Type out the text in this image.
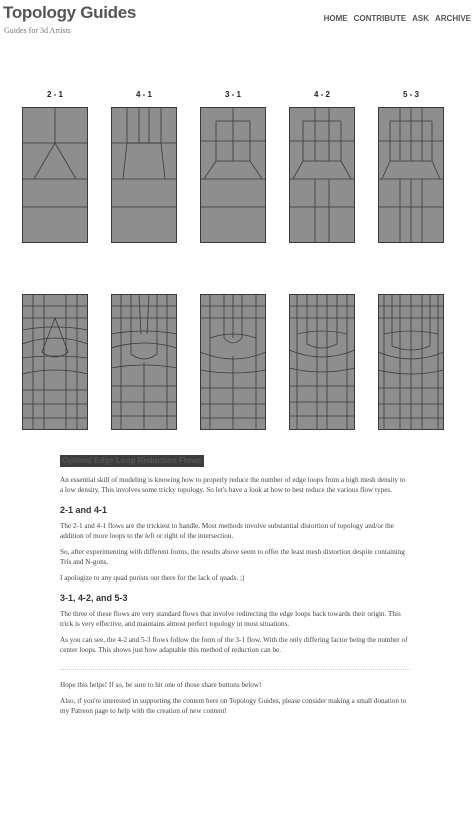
Topology Guides
Guides for 3d Artists
HOME CONTRIBUTE ASK ARCHIVE
2 - 1	4 - 1	3 - 1	4 - 2	5 - 3
Optimal Edge Loop Reduction Flows

An essential skill of modeling is knowing how to properly reduce the number of edge loops from a high mesh density to a low density. This involves some tricky topology. So let's have a look at how to best reduce the various flow types.

2-1 and 4-1

The 2-1 and 4-1 flows are the trickiest to handle. Most methods involve substantial distortion of topology and/or the addition of more loops to the left or right of the intersection.

So, after experimenting with different forms, the results above seem to offer the least mesh distortion despite containing Tris and N-gons.

I apologize to any quad purists out there for the lack of quads. ;)

3-1, 4-2, and 5-3

The three of these flows are very standard flows that involve redirecting the edge loops back towards their origin. This trick is very effective, and maintains almost perfect topology in most situations.

As you can see, the 4-2 and 5-3 flows follow the form of the 3-1 flow. With the only differing factor being the number of center loops. This shows just how adaptable this method of reduction can be.

Hope this helps! If so, be sure to hit one of those share buttons below!

Also, if you're interested in supporting the content here on Topology Guides, please consider making a small donation to my Patreon page to help with the creation of new content!
